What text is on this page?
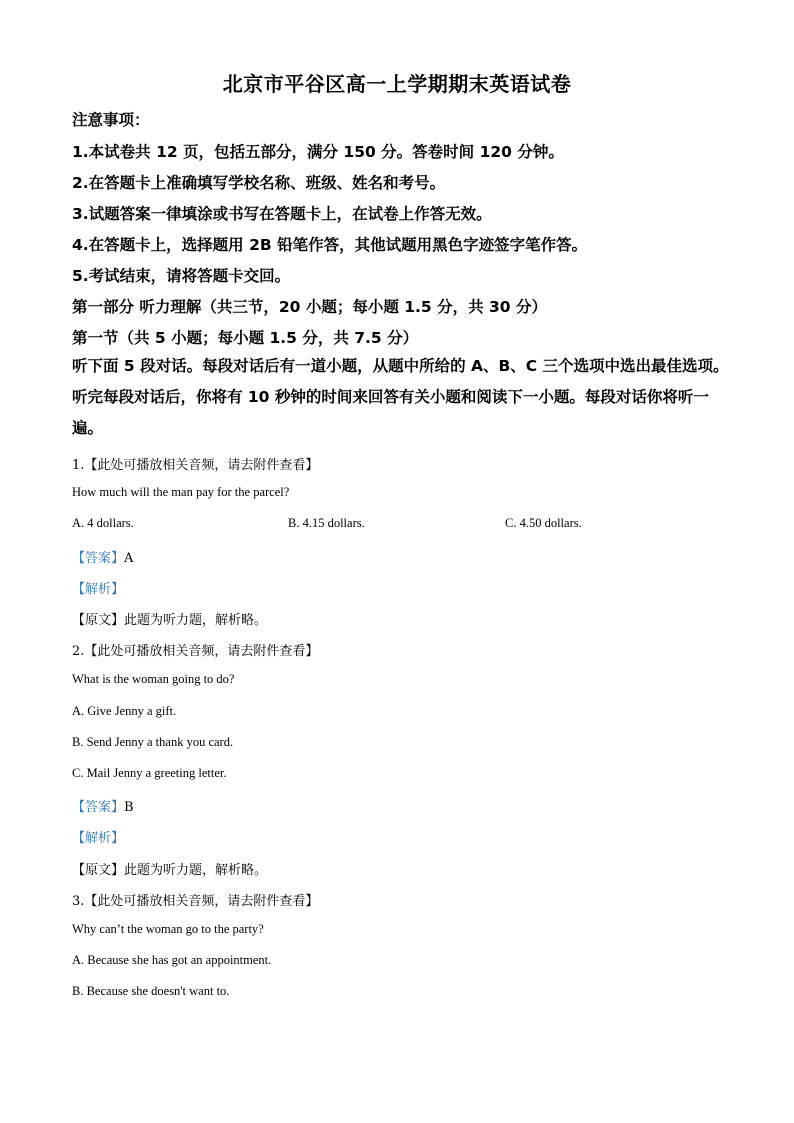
北京市平谷区高一上学期期末英语试卷
注意事项：
1.本试卷共 12 页，包括五部分，满分 150 分。答卷时间 120 分钟。
2.在答题卡上准确填写学校名称、班级、姓名和考号。
3.试题答案一律填涂或书写在答题卡上，在试卷上作答无效。
4.在答题卡上，选择题用 2B 铅笔作答，其他试题用黑色字迹签字笔作答。
5.考试结束，请将答题卡交回。
第一部分 听力理解（共三节，20 小题；每小题 1.5 分，共 30 分）
第一节（共 5 小题；每小题 1.5 分，共 7.5 分）
听下面 5 段对话。每段对话后有一道小题，从题中所给的 A、B、C 三个选项中选出最佳选项。听完每段对话后，你将有 10 秒钟的时间来回答有关小题和阅读下一小题。每段对话你将听一遍。
1.【此处可播放相关音频，请去附件查看】
How much will the man pay for the parcel?
A. 4 dollars.	B. 4.15 dollars.	C. 4.50 dollars.
【答案】A
【解析】
【原文】此题为听力题，解析略。
2.【此处可播放相关音频，请去附件查看】
What is the woman going to do?
A. Give Jenny a gift.
B. Send Jenny a thank you card.
C. Mail Jenny a greeting letter.
【答案】B
【解析】
【原文】此题为听力题，解析略。
3.【此处可播放相关音频，请去附件查看】
Why can’t the woman go to the party?
A. Because she has got an appointment.
B. Because she doesn't want to.
